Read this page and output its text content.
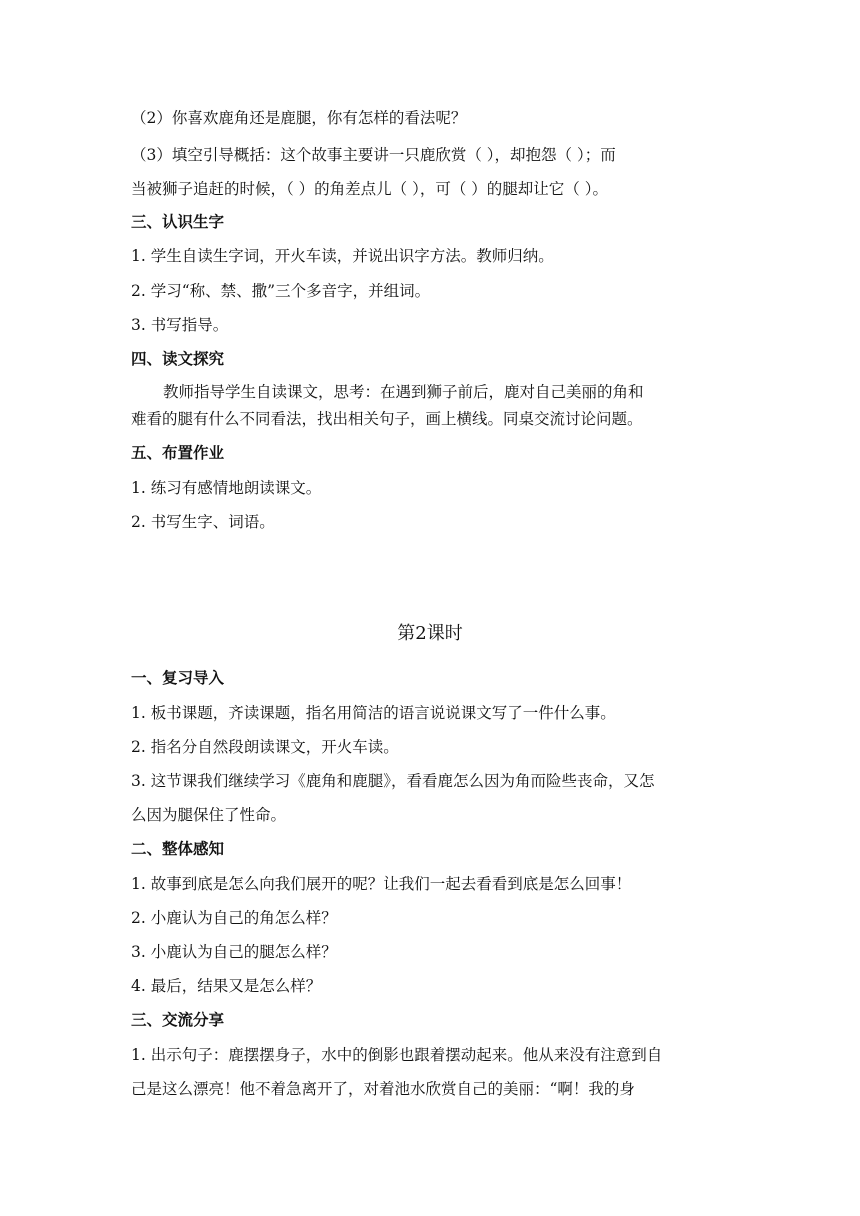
（2）你喜欢鹿角还是鹿腿，你有怎样的看法呢？
（3）填空引导概括：这个故事主要讲一只鹿欣赏（ ），却抱怨（ ）；而
当被狮子追赶的时候，（ ）的角差点儿（ ），可（ ）的腿却让它（ ）。
三、认识生字
1. 学生自读生字词，开火车读，并说出识字方法。教师归纳。
2. 学习“称、禁、撒”三个多音字，并组词。
3. 书写指导。
四、读文探究
教师指导学生自读课文，思考：在遇到狮子前后，鹿对自己美丽的角和
难看的腿有什么不同看法，找出相关句子，画上横线。同桌交流讨论问题。
五、布置作业
1. 练习有感情地朗读课文。
2. 书写生字、词语。
第2课时
一、复习导入
1. 板书课题，齐读课题，指名用简洁的语言说说课文写了一件什么事。
2. 指名分自然段朗读课文，开火车读。
3. 这节课我们继续学习《鹿角和鹿腿》，看看鹿怎么因为角而险些丧命，又怎
么因为腿保住了性命。
二、整体感知
1. 故事到底是怎么向我们展开的呢？让我们一起去看看到底是怎么回事！
2. 小鹿认为自己的角怎么样？
3. 小鹿认为自己的腿怎么样？
4. 最后，结果又是怎么样？
三、交流分享
1. 出示句子：鹿摆摆身子，水中的倒影也跟着摆动起来。他从来没有注意到自
己是这么漂亮！他不着急离开了，对着池水欣赏自己的美丽：“啊！我的身
